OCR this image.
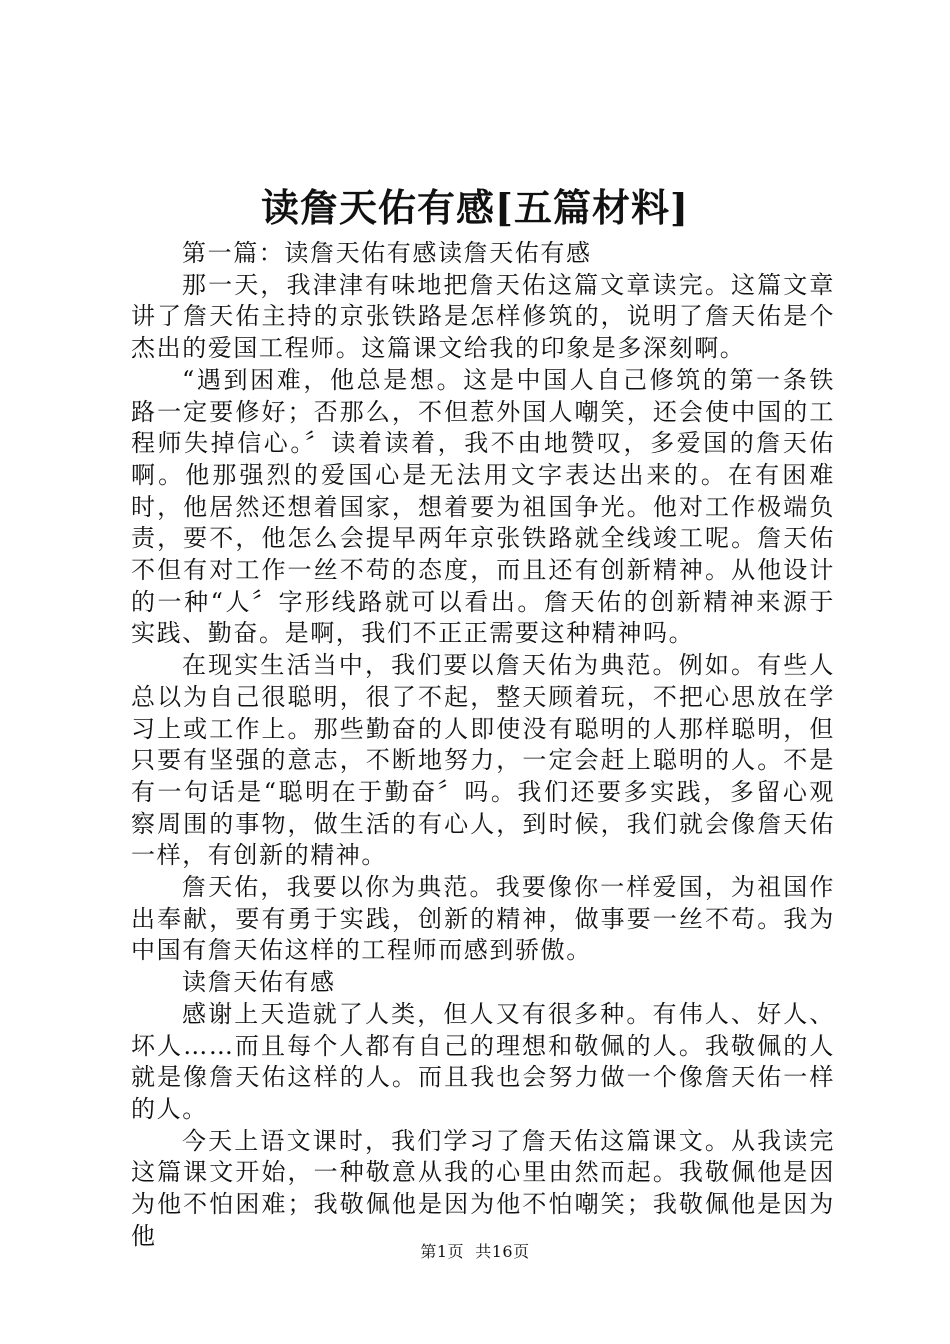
读詹天佑有感[五篇材料]

第一篇：读詹天佑有感读詹天佑有感

那一天，我津津有味地把詹天佑这篇文章读完。这篇文章讲了詹天佑主持的京张铁路是怎样修筑的，说明了詹天佑是个杰出的爱国工程师。这篇课文给我的印象是多深刻啊。

“遇到困难，他总是想。这是中国人自己修筑的第一条铁路一定要修好；否那么，不但惹外国人嘲笑，还会使中国的工程师失掉信心。〞读着读着，我不由地赞叹，多爱国的詹天佑啊。他那强烈的爱国心是无法用文字表达出来的。在有困难时，他居然还想着国家，想着要为祖国争光。他对工作极端负责，要不，他怎么会提早两年京张铁路就全线竣工呢。詹天佑不但有对工作一丝不苟的态度，而且还有创新精神。从他设计的一种“人〞字形线路就可以看出。詹天佑的创新精神来源于实践、勤奋。是啊，我们不正正需要这种精神吗。

在现实生活当中，我们要以詹天佑为典范。例如。有些人总以为自己很聪明，很了不起，整天顾着玩，不把心思放在学习上或工作上。那些勤奋的人即使没有聪明的人那样聪明，但只要有坚强的意志，不断地努力，一定会赶上聪明的人。不是有一句话是“聪明在于勤奋〞吗。我们还要多实践，多留心观察周围的事物，做生活的有心人，到时候，我们就会像詹天佑一样，有创新的精神。

詹天佑，我要以你为典范。我要像你一样爱国，为祖国作出奉献，要有勇于实践，创新的精神，做事要一丝不苟。我为中国有詹天佑这样的工程师而感到骄傲。

读詹天佑有感

感谢上天造就了人类，但人又有很多种。有伟人、好人、坏人……而且每个人都有自己的理想和敬佩的人。我敬佩的人就是像詹天佑这样的人。而且我也会努力做一个像詹天佑一样的人。

今天上语文课时，我们学习了詹天佑这篇课文。从我读完这篇课文开始，一种敬意从我的心里由然而起。我敬佩他是因为他不怕困难；我敬佩他是因为他不怕嘲笑；我敬佩他是因为他

第1页 共16页
